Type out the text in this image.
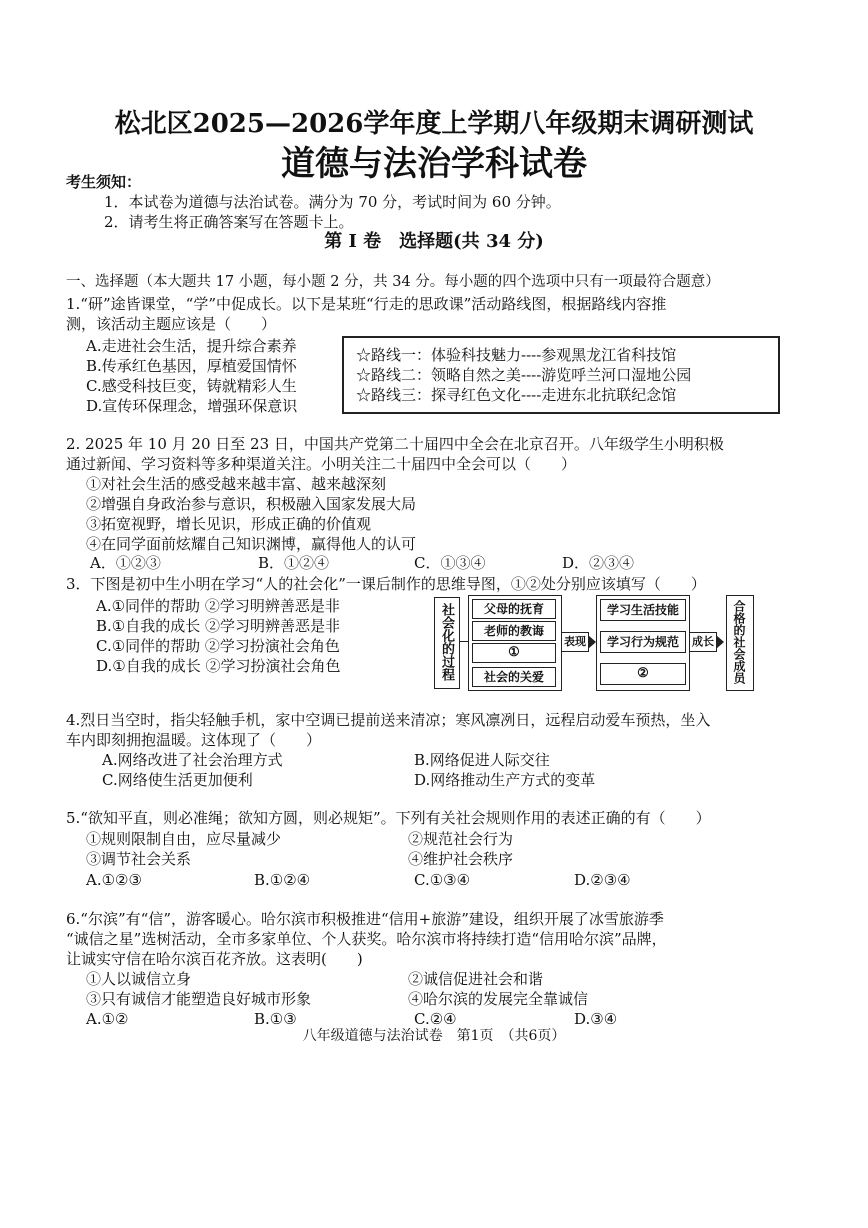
松北区2025—2026学年度上学期八年级期末调研测试
道德与法治学科试卷
考生须知：
1．本试卷为道德与法治试卷。满分为 70 分，考试时间为 60 分钟。
2．请考生将正确答案写在答题卡上。
第 Ⅰ 卷　选择题(共 34 分)
一、选择题（本大题共 17 小题，每小题 2 分，共 34 分。每小题的四个选项中只有一项最符合题意）
1.“研”途皆课堂，“学”中促成长。以下是某班“行走的思政课”活动路线图，根据路线内容推
测，该活动主题应该是（　　）
A.走进社会生活，提升综合素养
B.传承红色基因，厚植爱国情怀
C.感受科技巨变，铸就精彩人生
D.宣传环保理念，增强环保意识
☆路线一：体验科技魅力----参观黑龙江省科技馆
☆路线二：领略自然之美----游览呼兰河口湿地公园
☆路线三：探寻红色文化----走进东北抗联纪念馆
2. 2025 年 10 月 20 日至 23 日，中国共产党第二十届四中全会在北京召开。八年级学生小明积极
通过新闻、学习资料等多种渠道关注。小明关注二十届四中全会可以（　　）
①对社会生活的感受越来越丰富、越来越深刻
②增强自身政治参与意识，积极融入国家发展大局
③拓宽视野，增长见识，形成正确的价值观
④在同学面前炫耀自己知识渊博，赢得他人的认可
A．①②③	B．①②④	C．①③④	D．②③④
3．下图是初中生小明在学习“人的社会化”一课后制作的思维导图，①②处分别应该填写（　　）
A.①同伴的帮助 ②学习明辨善恶是非
B.①自我的成长 ②学习明辨善恶是非
C.①同伴的帮助 ②学习扮演社会角色
D.①自我的成长 ②学习扮演社会角色	社会化的过程	父母的抚育
老师的教诲
①
社会的关爱
表现
学习生活技能
学习行为规范
②
成长	合格的社会成员
4.烈日当空时，指尖轻触手机，家中空调已提前送来清凉；寒风凛冽日，远程启动爱车预热，坐入
车内即刻拥抱温暖。这体现了（　　）
A.网络改进了社会治理方式	B.网络促进人际交往
C.网络使生活更加便利	D.网络推动生产方式的变革
5.“欲知平直，则必准绳；欲知方圆，则必规矩”。下列有关社会规则作用的表述正确的有（　　）
①规则限制自由，应尽量减少	②规范社会行为
③调节社会关系	④维护社会秩序
A.①②③	B.①②④	C.①③④	D.②③④
6.“尔滨”有“信”，游客暖心。哈尔滨市积极推进“信用+旅游”建设，组织开展了冰雪旅游季
“诚信之星”选树活动，全市多家单位、个人获奖。哈尔滨市将持续打造“信用哈尔滨”品牌，
让诚实守信在哈尔滨百花齐放。这表明(　　)
①人以诚信立身	②诚信促进社会和谐
③只有诚信才能塑造良好城市形象	④哈尔滨的发展完全靠诚信
A.①②	B.①③	C.②④	D.③④
八年级道德与法治试卷　第1页　（共6页）
